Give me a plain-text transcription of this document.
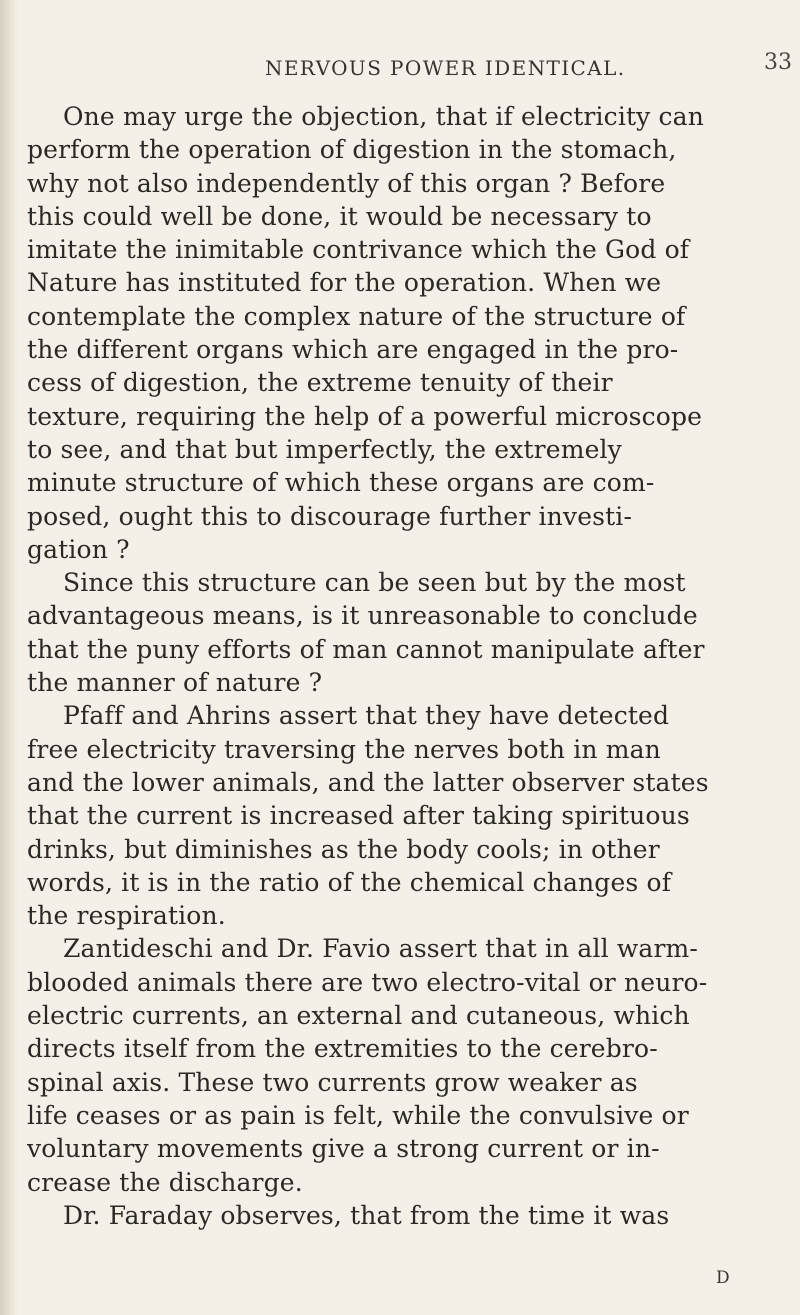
NERVOUS POWER IDENTICAL.	33
One may urge the objection, that if electricity can
perform the operation of digestion in the stomach,
why not also independently of this organ ? Before
this could well be done, it would be necessary to
imitate the inimitable contrivance which the God of
Nature has instituted for the operation. When we
contemplate the complex nature of the structure of
the different organs which are engaged in the pro-
cess of digestion, the extreme tenuity of their
texture, requiring the help of a powerful microscope
to see, and that but imperfectly, the extremely
minute structure of which these organs are com-
posed, ought this to discourage further investi-
gation ?
Since this structure can be seen but by the most
advantageous means, is it unreasonable to conclude
that the puny efforts of man cannot manipulate after
the manner of nature ?
Pfaff and Ahrins assert that they have detected
free electricity traversing the nerves both in man
and the lower animals, and the latter observer states
that the current is increased after taking spirituous
drinks, but diminishes as the body cools; in other
words, it is in the ratio of the chemical changes of
the respiration.
Zantideschi and Dr. Favio assert that in all warm-
blooded animals there are two electro-vital or neuro-
electric currents, an external and cutaneous, which
directs itself from the extremities to the cerebro-
spinal axis. These two currents grow weaker as
life ceases or as pain is felt, while the convulsive or
voluntary movements give a strong current or in-
crease the discharge.
Dr. Faraday observes, that from the time it was
D
